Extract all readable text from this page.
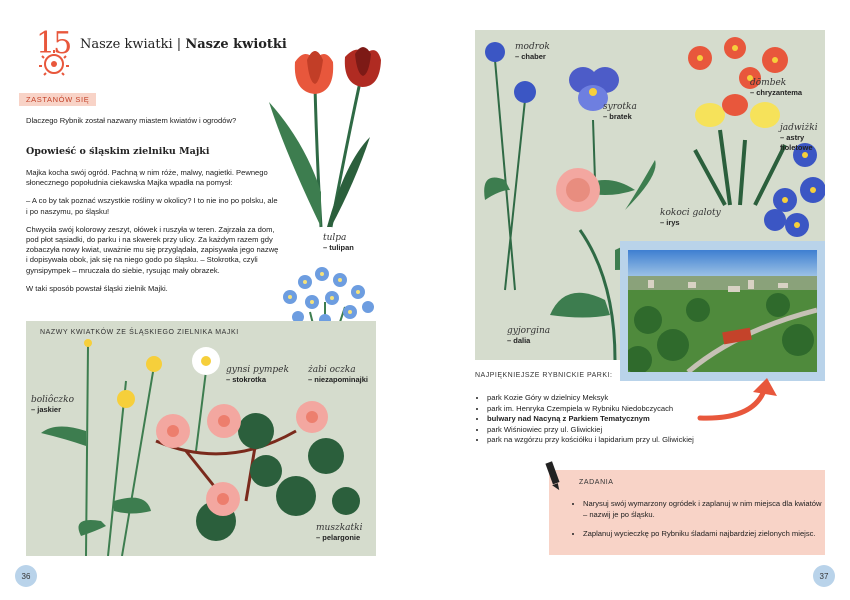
15 Nasze kwiatki | Nasze kwiotki
ZASTANÓW SIĘ

Dlaczego Rybnik został nazwany miastem kwiatów i ogrodów?

Opowieść o śląskim zielniku Majki

Majka kocha swój ogród. Pachną w nim róże, malwy, nagietki. Pewnego słonecznego popołudnia ciekawska Majka wpadła na pomysł:

– A co by tak poznać wszystkie rośliny w okolicy? I to nie ino po polsku, ale i po naszymu, po śląsku!

Chwyciła swój kolorowy zeszyt, ołówek i ruszyła w teren. Zajrzała za dom, pod płot sąsiadki, do parku i na skwerek przy ulicy. Za każdym razem gdy zobaczyła nowy kwiat, uważnie mu się przyglądała, zapisywała jego nazwę i dopisywała obok, jak się na niego godo po śląsku. – Stokrotka, czyli gynsipympek – mruczała do siebie, rysując mały obrazek.

W taki sposób powstał śląski zielnik Majki.

tulpa
– tulipan
NAZWY KWIATKÓW ZE ŚLĄSKIEGO ZIELNIKA MAJKI
boliôczko
– jaskier
gynsi pympek
– stokrotka
żabi oczka
– niezapominajki
muszkatki
– pelargonie
36
modrok
– chaber
syrotka
– bratek
dōmbek
– chryzantema
jadwiżki
– astry fioletowe
kokoci galoty
– irys
gyjorgina
– dalia
NAJPIĘKNIEJSZE RYBNICKIE PARKI:
• park Kozie Góry w dzielnicy Meksyk
• park im. Henryka Czempiela w Rybniku Niedobczycach
• bulwary nad Nacyną z Parkiem Tematycznym
• park Wiśniowiec przy ul. Gliwickiej
• park na wzgórzu przy kościółku i lapidarium przy ul. Gliwickiej
ZADANIA
• Narysuj swój wymarzony ogródek i zaplanuj w nim miejsca dla kwiatów – nazwij je po śląsku.
• Zaplanuj wycieczkę po Rybniku śladami najbardziej zielonych miejsc.
37
